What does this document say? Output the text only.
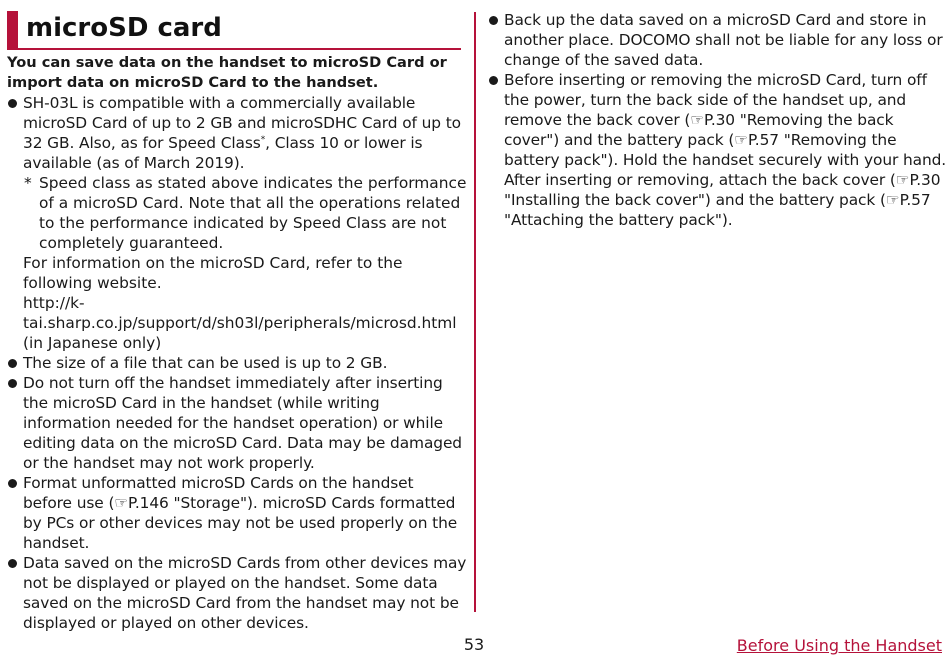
microSD card

You can save data on the handset to microSD Card or import data on microSD Card to the handset.

SH-03L is compatible with a commercially available microSD Card of up to 2 GB and microSDHC Card of up to 32 GB. Also, as for Speed Class*, Class 10 or lower is available (as of March 2019).
* Speed class as stated above indicates the performance of a microSD Card. Note that all the operations related to the performance indicated by Speed Class are not completely guaranteed.

For information on the microSD Card, refer to the following website.

http://k-tai.sharp.co.jp/support/d/sh03l/peripherals/microsd.html (in Japanese only)

The size of a file that can be used is up to 2 GB.
Do not turn off the handset immediately after inserting the microSD Card in the handset (while writing information needed for the handset operation) or while editing data on the microSD Card. Data may be damaged or the handset may not work properly.
Format unformatted microSD Cards on the handset before use (☞P.146 "Storage"). microSD Cards formatted by PCs or other devices may not be used properly on the handset.
Data saved on the microSD Cards from other devices may not be displayed or played on the handset. Some data saved on the microSD Card from the handset may not be displayed or played on other devices.
Back up the data saved on a microSD Card and store in another place. DOCOMO shall not be liable for any loss or change of the saved data.
Before inserting or removing the microSD Card, turn off the power, turn the back side of the handset up, and remove the back cover (☞P.30 "Removing the back cover") and the battery pack (☞P.57 "Removing the battery pack"). Hold the handset securely with your hand. After inserting or removing, attach the back cover (☞P.30 "Installing the back cover") and the battery pack (☞P.57 "Attaching the battery pack").
53	Before Using the Handset
